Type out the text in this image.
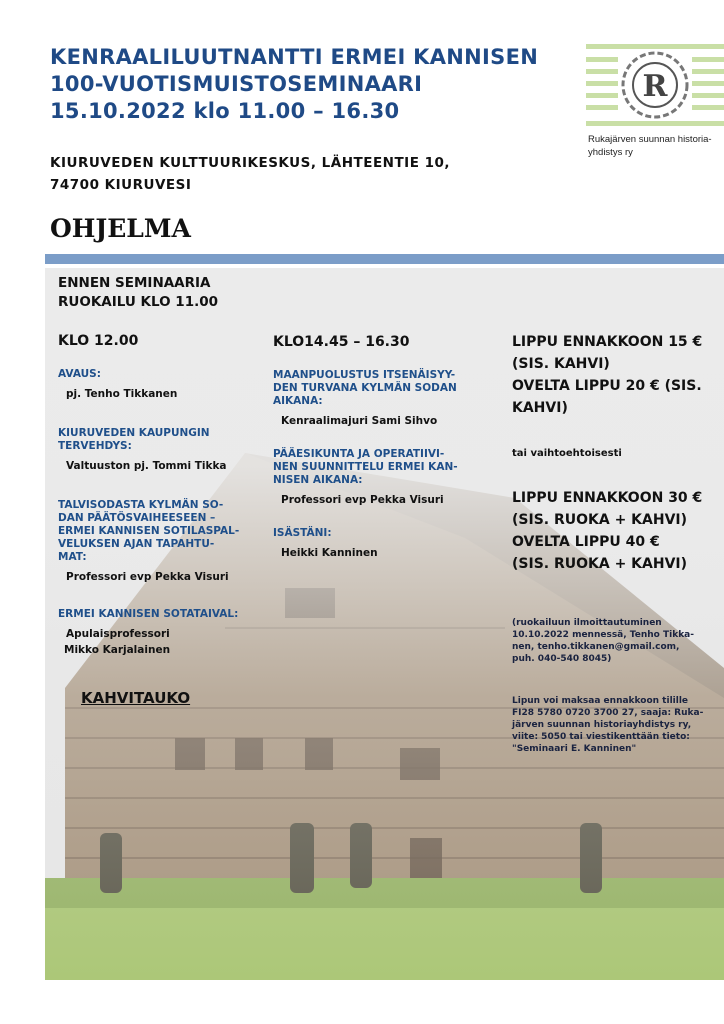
KENRAALILUUTNANTTI ERMEI KANNISEN
100-VUOTISMUISTOSEMINAARI
15.10.2022 klo 11.00 – 16.30
KIURUVEDEN KULTTUURIKESKUS, LÄHTEENTIE 10,
74700 KIURUVESI
OHJELMA
R
Rukajärven suunnan historia-
yhdistys ry
ENNEN SEMINAARIA
RUOKAILU KLO 11.00
KLO 12.00
AVAUS:
pj. Tenho Tikkanen
KIURUVEDEN KAUPUNGIN
TERVEHDYS:
Valtuuston pj. Tommi Tikka
TALVISODASTA KYLMÄN SO-
DAN PÄÄTÖSVAIHEESEEN –
ERMEI KANNISEN SOTILASPAL-
VELUKSEN AJAN TAPAHTU-
MAT:
Professori evp Pekka Visuri
ERMEI KANNISEN SOTATAIVAL:
Apulaisprofessori
Mikko Karjalainen
KAHVITAUKO
KLO14.45 – 16.30
MAANPUOLUSTUS ITSENÄISYY-
DEN TURVANA KYLMÄN SODAN
AIKANA:
Kenraalimajuri Sami Sihvo
PÄÄESIKUNTA JA OPERATIIVI-
NEN SUUNNITTELU ERMEI KAN-
NISEN AIKANA:
Professori evp Pekka Visuri
ISÄSTÄNI:
Heikki Kanninen
LIPPU ENNAKKOON 15 €
(SIS. KAHVI)
OVELTA LIPPU 20 € (SIS.
KAHVI)
tai vaihtoehtoisesti
LIPPU ENNAKKOON 30 €
(SIS. RUOKA + KAHVI)
OVELTA LIPPU 40 €
(SIS. RUOKA + KAHVI)
(ruokailuun ilmoittautuminen
10.10.2022 mennessä, Tenho Tikka-
nen, tenho.tikkanen@gmail.com,
puh. 040-540 8045)
Lipun voi maksaa ennakkoon tilille
FI28 5780 0720 3700 27, saaja: Ruka-
järven suunnan historiayhdistys ry,
viite: 5050 tai viestikenttään tieto:
"Seminaari E. Kanninen"
